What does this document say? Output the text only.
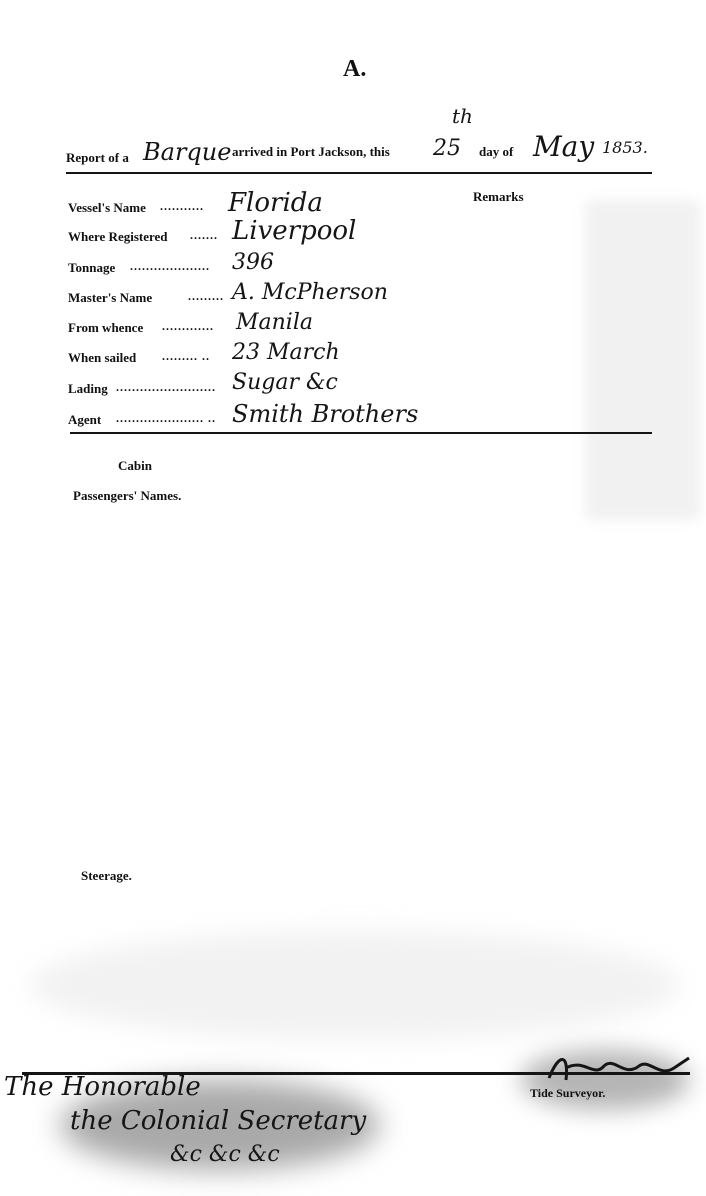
A.
Report of a Barque arrived in Port Jackson, this 25
th
day of May 1853.
Remarks
Vessel's Name ........... Florida
Where Registered ....... Liverpool
Tonnage .................... 396
Master's Name	......... A. McPherson
From whence ............. Manila
When sailed ......... .. 23 March
Lading ......................... Sugar &c
Agent ...................... .. Smith Brothers
Cabin
Passengers' Names.
Steerage.
Tide Surveyor.
The Honorable
the Colonial Secretary
&c &c &c
